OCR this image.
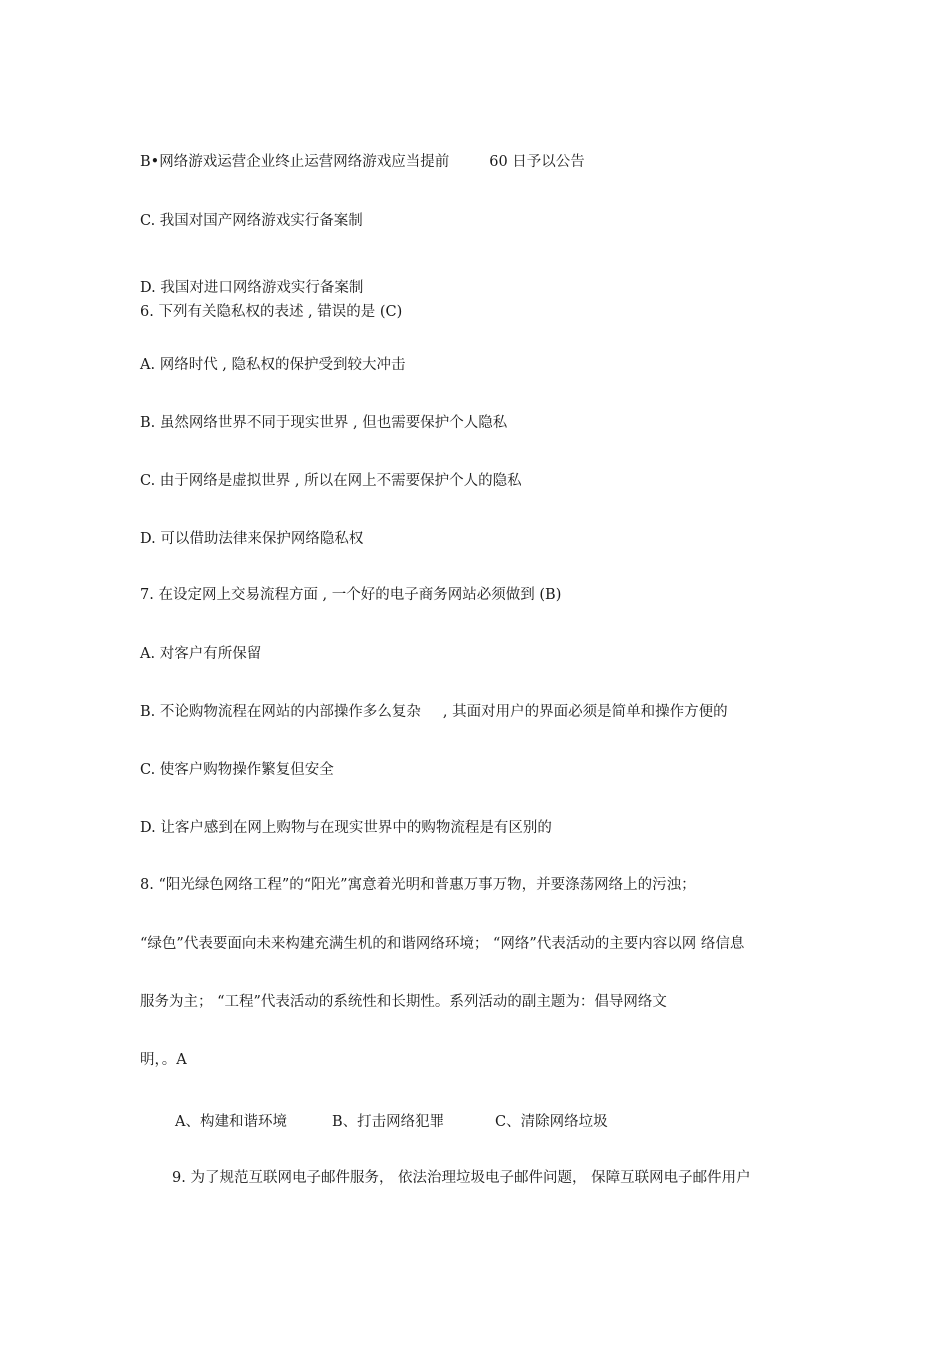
B•网络游戏运营企业终止运营网络游戏应当提前	60 日予以公告
C. 我国对国产网络游戏实行备案制
D. 我国对进口网络游戏实行备案制
6. 下列有关隐私权的表述 , 错误的是 (C)
A. 网络时代 , 隐私权的保护受到较大冲击
B. 虽然网络世界不同于现实世界 , 但也需要保护个人隐私
C. 由于网络是虚拟世界 , 所以在网上不需要保护个人的隐私
D. 可以借助法律来保护网络隐私权
7. 在设定网上交易流程方面 , 一个好的电子商务网站必须做到 (B)
A. 对客户有所保留
B. 不论购物流程在网站的内部操作多么复杂 , 其面对用户的界面必须是简单和操作方便的
C. 使客户购物操作繁复但安全
D. 让客户感到在网上购物与在现实世界中的购物流程是有区别的
8. “阳光绿色网络工程”的“阳光”寓意着光明和普惠万事万物，并要涤荡网络上的污浊；
“绿色”代表要面向未来构建充满生机的和谐网络环境； “网络”代表活动的主要内容以网 络信息
服务为主； “工程”代表活动的系统性和长期性。系列活动的副主题为：倡导网络文
明，。A
A、构建和谐环境	B、打击网络犯罪	C、清除网络垃圾
9. 为了规范互联网电子邮件服务， 依法治理垃圾电子邮件问题， 保障互联网电子邮件用户
